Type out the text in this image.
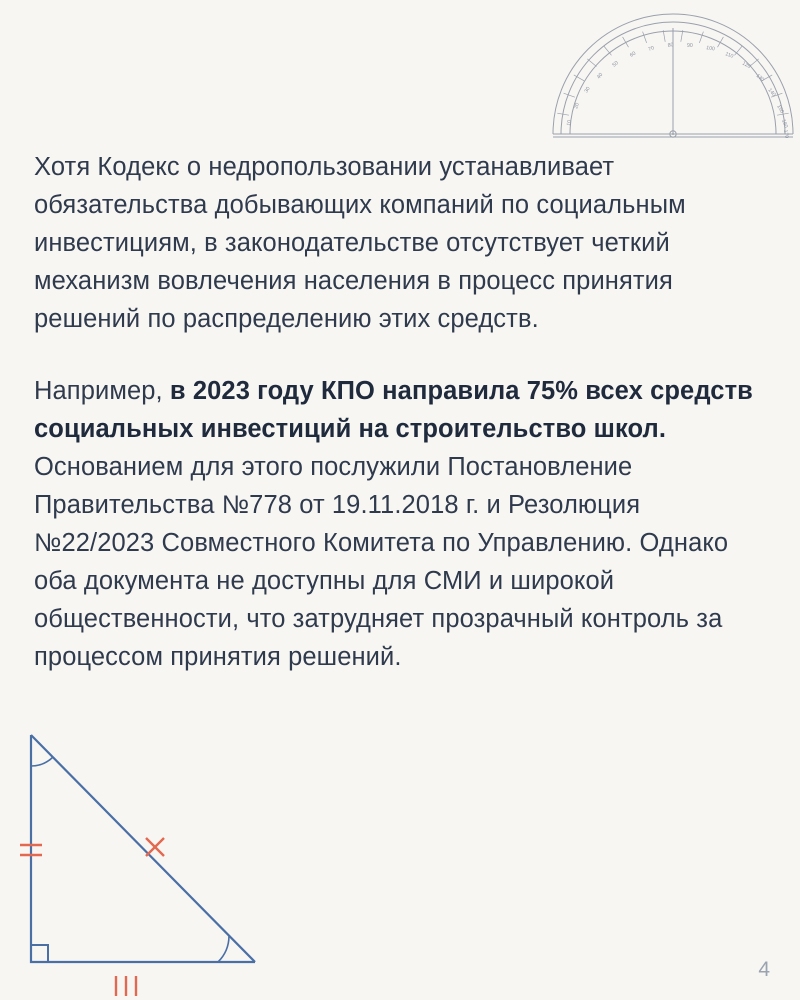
10
20
30
40
50
60
70 80 90 100
110
120
130
140
150
160
170

Хотя Кодекс о недропользовании устанавливает обязательства добывающих компаний по социальным инвестициям, в законодательстве отсутствует четкий механизм вовлечения населения в процесс принятия решений по распределению этих средств.

Например, в 2023 году КПО направила 75% всех средств социальных инвестиций на строительство школ. Основанием для этого послужили Постановление Правительства №778 от 19.11.2018 г. и Резолюция №22/2023 Совместного Комитета по Управлению. Однако оба документа не доступны для СМИ и широкой общественности, что затрудняет прозрачный контроль за процессом принятия решений.

4
